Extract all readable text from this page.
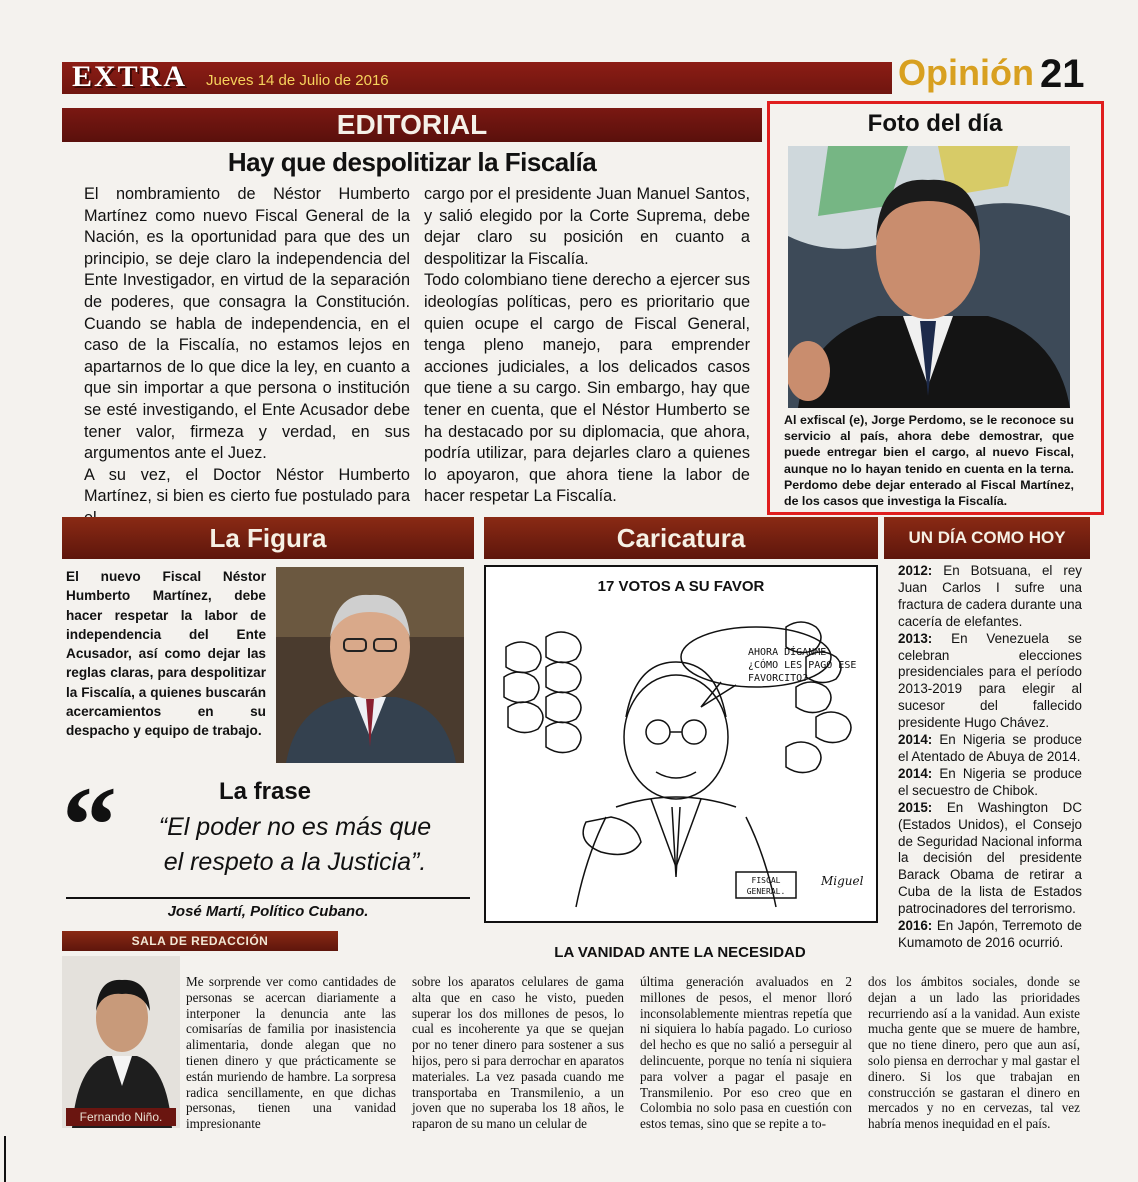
EXTRA Jueves 14 de Julio de 2016	Opinión 21
EDITORIAL
Hay que despolitizar la Fiscalía

El nombramiento de Néstor Humberto Martínez como nuevo Fiscal General de la Nación, es la oportunidad para que des un principio, se deje claro la independencia del Ente Investigador, en virtud de la separación de poderes, que consagra la Constitución. Cuando se habla de independencia, en el caso de la Fiscalía, no estamos lejos en apartarnos de lo que dice la ley, en cuanto a que sin importar a que persona o institución se esté investigando, el Ente Acusador debe tener valor, firmeza y verdad, en sus argumentos ante el Juez.

A su vez, el Doctor Néstor Humberto Martínez, si bien es cierto fue postulado para

cargo por el presidente Juan Manuel Santos, y salió elegido por la Corte Suprema, debe dejar claro su posición en cuanto a despolitizar la Fiscalía.

Todo colombiano tiene derecho a ejercer sus ideologías políticas, pero es prioritario que quien ocupe el cargo de Fiscal General, tenga pleno manejo, para emprender acciones judiciales, a los delicados casos que tiene a su cargo. Sin embargo, hay que tener en cuenta, que el Néstor Humberto se ha destacado por su diplomacia, que ahora, podría utilizar, para dejarles claro a quienes lo apoyaron, que ahora tiene la labor de hacer respetar La Fiscalía.

Foto del día
Al exfiscal (e), Jorge Perdomo, se le reconoce su servicio al país, ahora debe demostrar, que puede entregar bien el cargo, al nuevo Fiscal, aunque no lo hayan tenido en cuenta en la terna. Perdomo debe dejar enterado al Fiscal Martínez, de los casos que investiga la Fiscalía.
La Figura	Caricatura	UN DÍA COMO HOY
El nuevo Fiscal Néstor Humberto Martínez, debe hacer respetar la labor de independencia del Ente Acusador, así como dejar las reglas claras, para despolitizar la Fiscalía, a quienes buscarán acercamientos en su despacho y equipo de trabajo.
“	La frase
“El poder no es más que el respeto a la Justicia”.
José Martí, Político Cubano.
AHORA DÍGANME
¿CÓMO LES PAGO ESE
FAVORCITO?
FISCAL
GENERAL.
Miguel
17 VOTOS A SU FAVOR
2012: En Botsuana, el rey Juan Carlos I sufre una fractura de cadera durante una cacería de elefantes.
2013: En Venezuela se celebran elecciones presidenciales para el período 2013-2019 para elegir al sucesor del fallecido presidente Hugo Chávez.
2014: En Nigeria se produce el Atentado de Abuya de 2014.
2014: En Nigeria se produce el secuestro de Chibok.
2015: En Washington DC (Estados Unidos), el Consejo de Seguridad Nacional informa la decisión del presidente Barack Obama de retirar a Cuba de la lista de Estados patrocinadores del terrorismo.
2016: En Japón, Terremoto de Kumamoto de 2016 ocurrió.
SALA DE REDACCIÓN
LA VANIDAD ANTE LA NECESIDAD
Fernando Niño.
Me sorprende ver como cantidades de personas se acercan diariamente a interponer la denuncia ante las comisarías de familia por inasistencia alimentaria, donde alegan que no tienen dinero y que prácticamente se están muriendo de hambre. La sorpresa radica sencillamente, en que dichas personas, tienen una vanidad impresionante
sobre los aparatos celulares de gama alta que en caso he visto, pueden superar los dos millones de pesos, lo cual es incoherente ya que se quejan por no tener dinero para sostener a sus hijos, pero si para derrochar en aparatos materiales. La vez pasada cuando me transportaba en Transmilenio, a un joven que no superaba los 18 años, le raparon de su mano un celular de
última generación avaluados en 2 millones de pesos, el menor lloró inconsolablemente mientras repetía que ni siquiera lo había pagado. Lo curioso del hecho es que no salió a perseguir al delincuente, porque no tenía ni siquiera para volver a pagar el pasaje en Transmilenio. Por eso creo que en Colombia no solo pasa en cuestión con estos temas, sino que se repite a to-
dos los ámbitos sociales, donde se dejan a un lado las prioridades recurriendo así a la vanidad. Aun existe mucha gente que se muere de hambre, que no tiene dinero, pero que aun así, solo piensa en derrochar y mal gastar el dinero. Si los que trabajan en construcción se gastaran el dinero en mercados y no en cervezas, tal vez habría menos inequidad en el país.
